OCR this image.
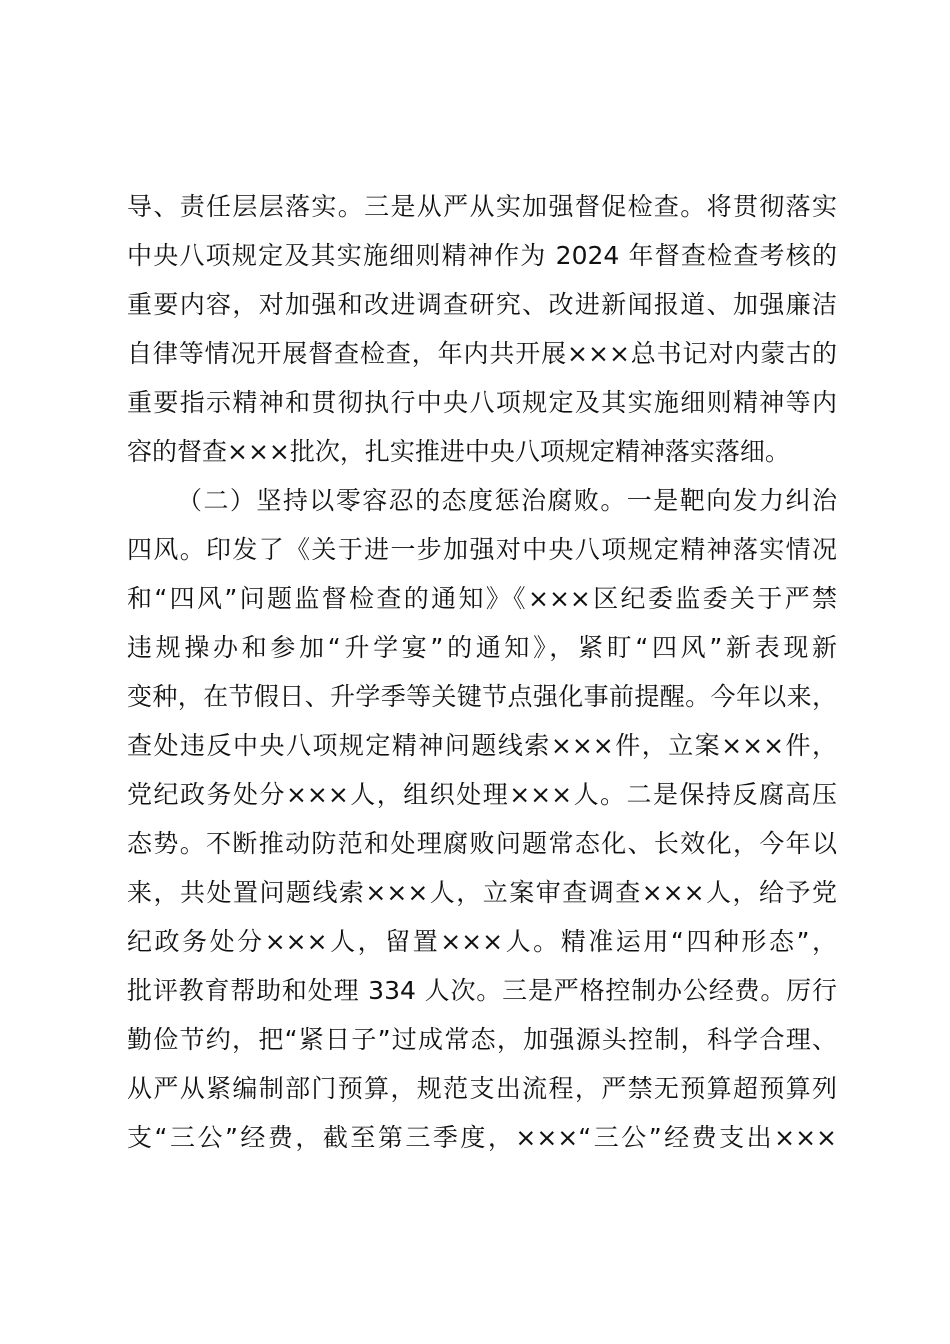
导、责任层层落实。三是从严从实加强督促检查。将贯彻落实
中央八项规定及其实施细则精神作为 2024 年督查检查考核的
重要内容，对加强和改进调查研究、改进新闻报道、加强廉洁
自律等情况开展督查检查，年内共开展×××总书记对内蒙古的
重要指示精神和贯彻执行中央八项规定及其实施细则精神等内
容的督查×××批次，扎实推进中央八项规定精神落实落细。
（二）坚持以零容忍的态度惩治腐败。一是靶向发力纠治
四风。印发了《关于进一步加强对中央八项规定精神落实情况
和“四风”问题监督检查的通知》《×××区纪委监委关于严禁
违规操办和参加“升学宴”的通知》，紧盯“四风”新表现新
变种，在节假日、升学季等关键节点强化事前提醒。今年以来，
查处违反中央八项规定精神问题线索×××件，立案×××件，
党纪政务处分×××人，组织处理×××人。二是保持反腐高压
态势。不断推动防范和处理腐败问题常态化、长效化，今年以
来，共处置问题线索×××人，立案审查调查×××人，给予党
纪政务处分×××人，留置×××人。精准运用“四种形态”，
批评教育帮助和处理 334 人次。三是严格控制办公经费。厉行
勤俭节约，把“紧日子”过成常态，加强源头控制，科学合理、
从严从紧编制部门预算，规范支出流程，严禁无预算超预算列
支“三公”经费，截至第三季度，×××“三公”经费支出×××
